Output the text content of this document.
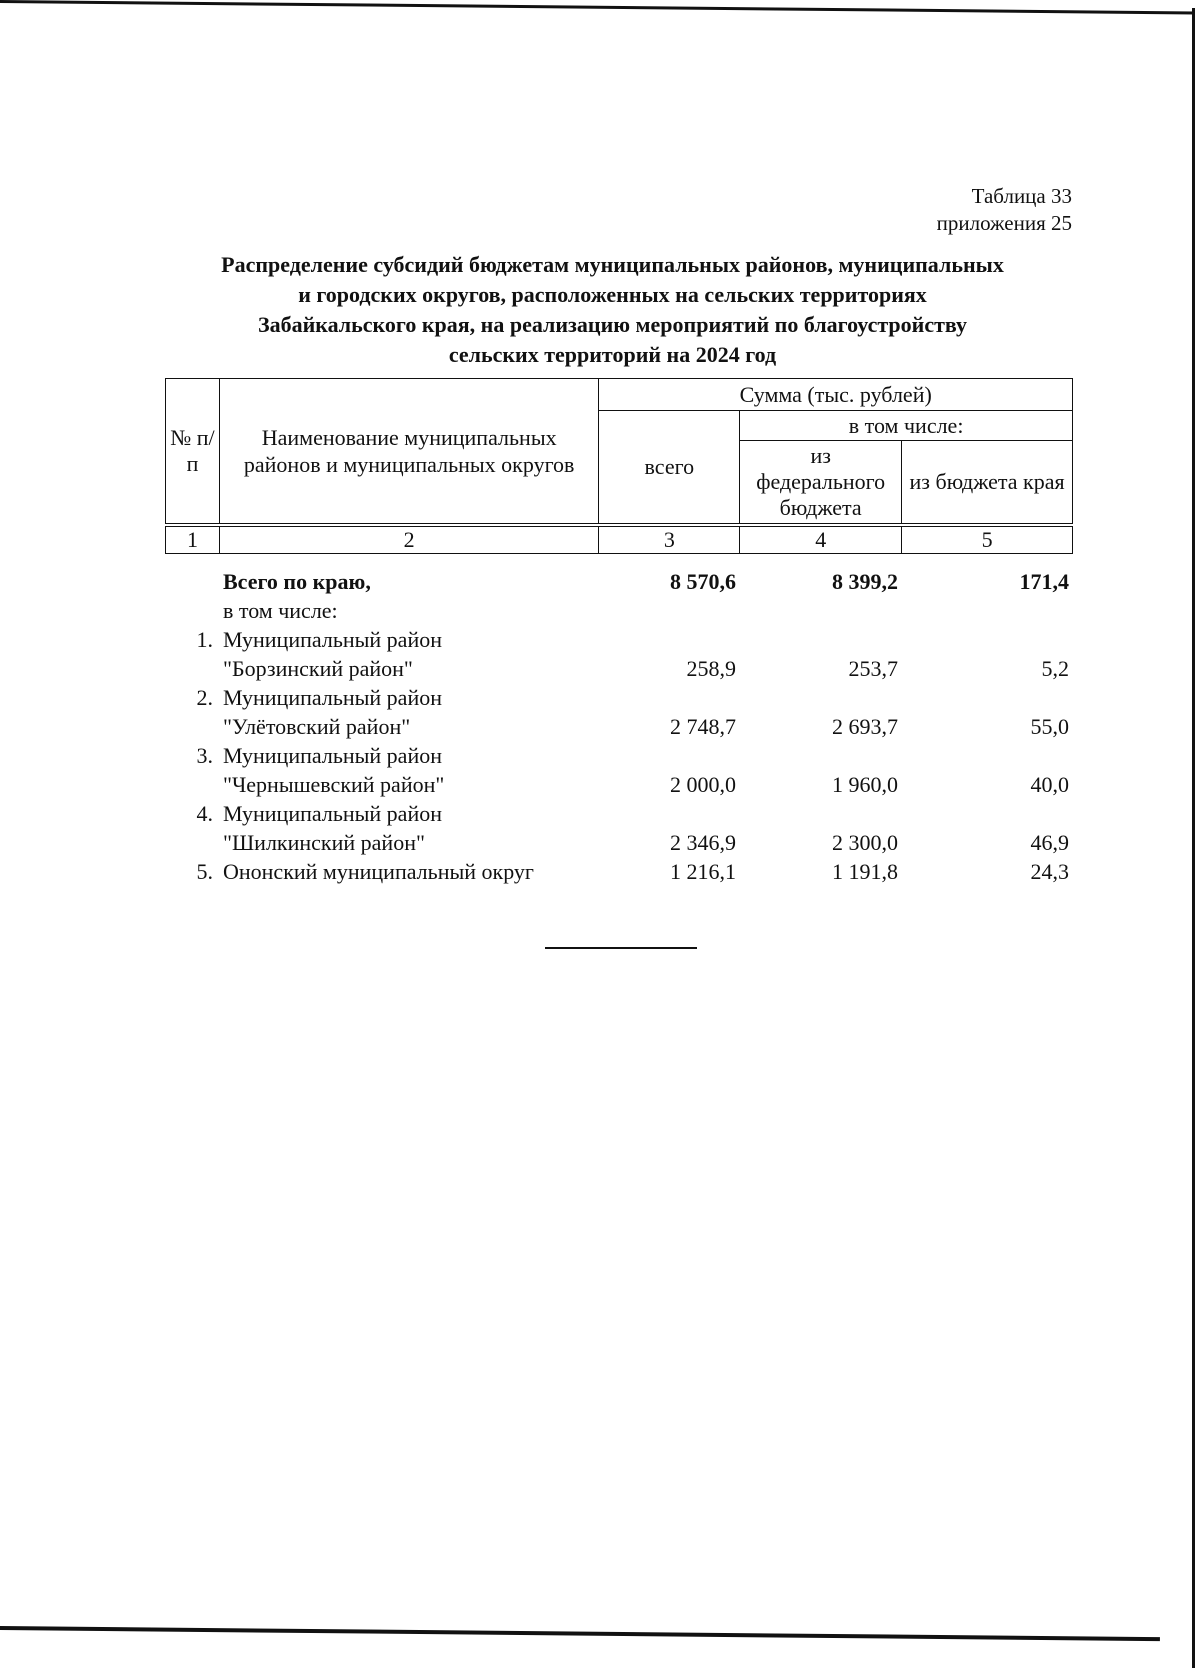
Таблица 33
приложения 25
Распределение субсидий бюджетам муниципальных районов, муниципальных
и городских округов, расположенных на сельских территориях
Забайкальского края, на реализацию мероприятий по благоустройству
сельских территорий на 2024 год
№ п/п	Наименование муниципальных районов и муниципальных округов	Сумма (тыс. рублей)		
		всего	в том числе:	
			из федерального бюджета	из бюджета края
1	2	3	4	5
	Всего по краю,	8 570,6	8 399,2	171,4
	в том числе:			
1.	Муниципальный район			
	"Борзинский район"	258,9	253,7	5,2
2.	Муниципальный район			
	"Улётовский район"	2 748,7	2 693,7	55,0
3.	Муниципальный район			
	"Чернышевский район"	2 000,0	1 960,0	40,0
4.	Муниципальный район			
	"Шилкинский район"	2 346,9	2 300,0	46,9
5.	Ононский муниципальный округ	1 216,1	1 191,8	24,3
